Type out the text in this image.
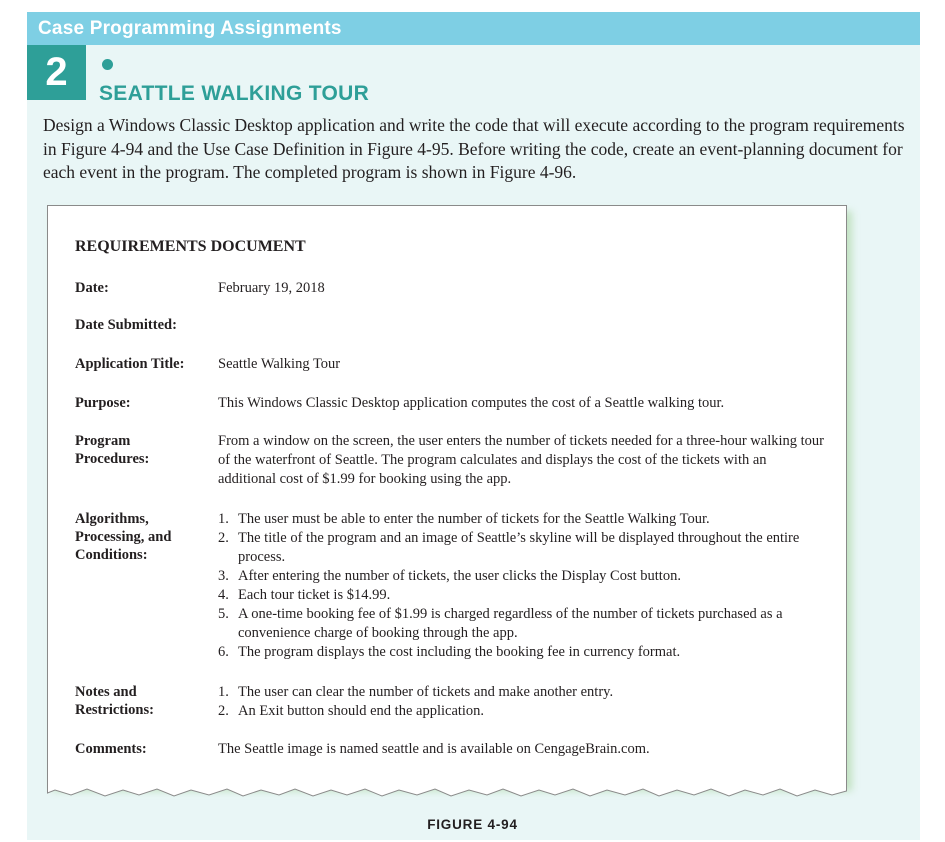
Case Programming Assignments
2	SEATTLE WALKING TOUR

Design a Windows Classic Desktop application and write the code that will execute according to the program requirements in Figure 4-94 and the Use Case Definition in Figure 4-95. Before writing the code, create an event-planning document for each event in the program. The completed program is shown in Figure 4-96.

REQUIREMENTS DOCUMENT
Date:	February 19, 2018
Date Submitted:
Application Title: Seattle Walking Tour
Purpose:	This Windows Classic Desktop application computes the cost of a Seattle walking tour.
Program
Procedures:
From a window on the screen, the user enters the number of tickets needed for a three-hour walking tour of the waterfront of Seattle. The program calculates and displays the cost of the tickets with an additional cost of $1.99 for booking using the app.
Algorithms,
Processing, and
Conditions:
1. The user must be able to enter the number of tickets for the Seattle Walking Tour.
2. The title of the program and an image of Seattle’s skyline will be displayed throughout the entire process.
3. After entering the number of tickets, the user clicks the Display Cost button.
4. Each tour ticket is $14.99.
5. A one-time booking fee of $1.99 is charged regardless of the number of tickets purchased as a convenience charge of booking through the app.
6. The program displays the cost including the booking fee in currency format.
Notes and
Restrictions:
1. The user can clear the number of tickets and make another entry.
2. An Exit button should end the application.
Comments:	The Seattle image is named seattle and is available on CengageBrain.com.
FIGURE 4-94
